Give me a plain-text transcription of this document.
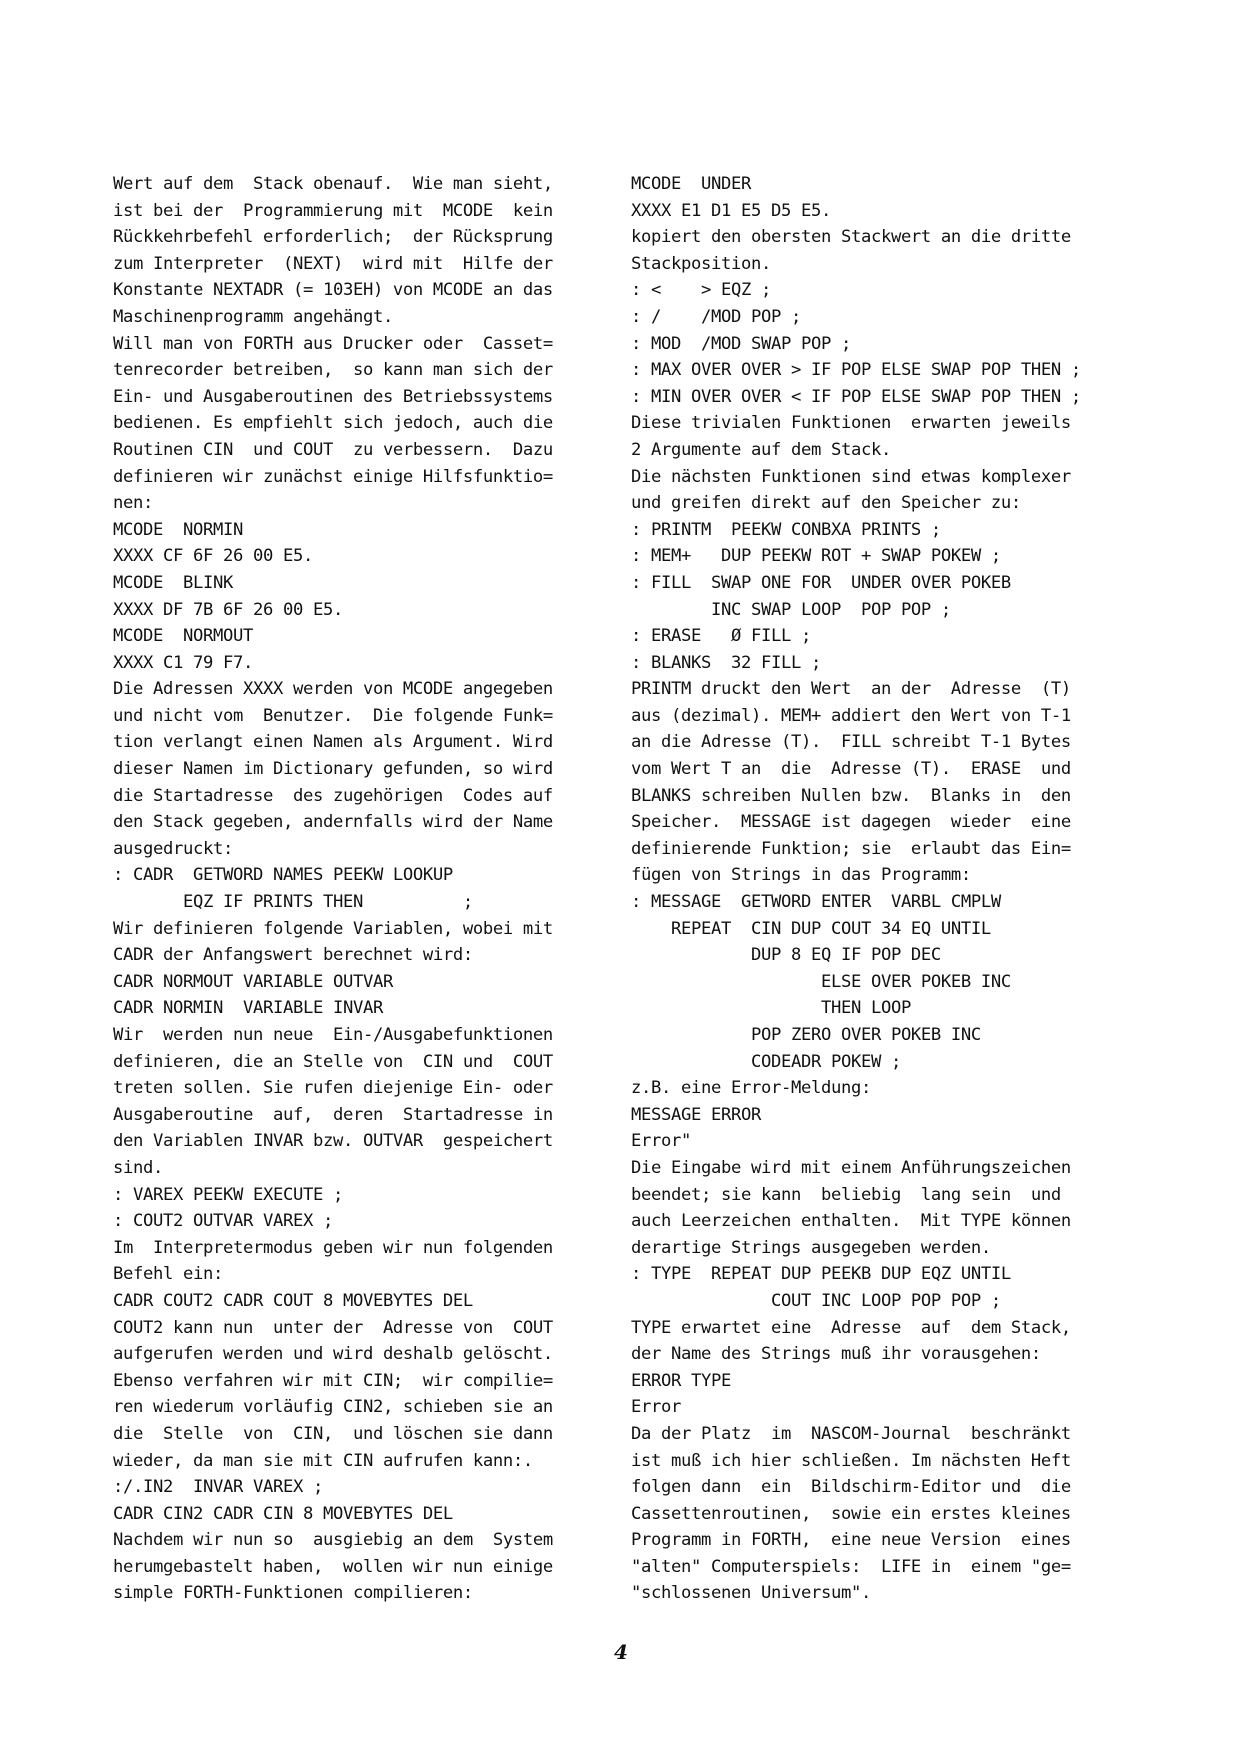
Wert auf dem  Stack obenauf.  Wie man sieht,
ist bei der  Programmierung mit  MCODE  kein
Rückkehrbefehl erforderlich;  der Rücksprung
zum Interpreter  (NEXT)  wird mit  Hilfe der
Konstante NEXTADR (= 103EH) von MCODE an das
Maschinenprogramm angehängt.
Will man von FORTH aus Drucker oder  Casset=
tenrecorder betreiben,  so kann man sich der
Ein- und Ausgaberoutinen des Betriebssystems
bedienen. Es empfiehlt sich jedoch, auch die
Routinen CIN  und COUT  zu verbessern.  Dazu
definieren wir zunächst einige Hilfsfunktio=
nen:
MCODE  NORMIN
XXXX CF 6F 26 00 E5.
MCODE  BLINK
XXXX DF 7B 6F 26 00 E5.
MCODE  NORMOUT
XXXX C1 79 F7.
Die Adressen XXXX werden von MCODE angegeben
und nicht vom  Benutzer.  Die folgende Funk=
tion verlangt einen Namen als Argument. Wird
dieser Namen im Dictionary gefunden, so wird
die Startadresse  des zugehörigen  Codes auf
den Stack gegeben, andernfalls wird der Name
ausgedruckt:
: CADR  GETWORD NAMES PEEKW LOOKUP
EQZ IF PRINTS THEN          ;
Wir definieren folgende Variablen, wobei mit
CADR der Anfangswert berechnet wird:
CADR NORMOUT VARIABLE OUTVAR
CADR NORMIN  VARIABLE INVAR
Wir  werden nun neue  Ein-/Ausgabefunktionen
definieren, die an Stelle von  CIN und  COUT
treten sollen. Sie rufen diejenige Ein- oder
Ausgaberoutine  auf,  deren  Startadresse in
den Variablen INVAR bzw. OUTVAR  gespeichert
sind.
: VAREX PEEKW EXECUTE ;
: COUT2 OUTVAR VAREX ;
Im  Interpretermodus geben wir nun folgenden
Befehl ein:
CADR COUT2 CADR COUT 8 MOVEBYTES DEL
COUT2 kann nun  unter der  Adresse von  COUT
aufgerufen werden und wird deshalb gelöscht.
Ebenso verfahren wir mit CIN;  wir compilie=
ren wiederum vorläufig CIN2, schieben sie an
die  Stelle  von  CIN,  und löschen sie dann
wieder, da man sie mit CIN aufrufen kann:.
:/.IN2  INVAR VAREX ;
CADR CIN2 CADR CIN 8 MOVEBYTES DEL
Nachdem wir nun so  ausgiebig an dem  System
herumgebastelt haben,  wollen wir nun einige
simple FORTH-Funktionen compilieren:
MCODE  UNDER
XXXX E1 D1 E5 D5 E5.
kopiert den obersten Stackwert an die dritte
Stackposition.
: <    > EQZ ;
: /    /MOD POP ;
: MOD  /MOD SWAP POP ;
: MAX OVER OVER > IF POP ELSE SWAP POP THEN ;
: MIN OVER OVER < IF POP ELSE SWAP POP THEN ;
Diese trivialen Funktionen  erwarten jeweils
2 Argumente auf dem Stack.
Die nächsten Funktionen sind etwas komplexer
und greifen direkt auf den Speicher zu:
: PRINTM  PEEKW CONBXA PRINTS ;
: MEM+   DUP PEEKW ROT + SWAP POKEW ;
: FILL  SWAP ONE FOR  UNDER OVER POKEB
INC SWAP LOOP  POP POP ;
: ERASE   Ø FILL ;
: BLANKS  32 FILL ;
PRINTM druckt den Wert  an der  Adresse  (T)
aus (dezimal). MEM+ addiert den Wert von T-1
an die Adresse (T).  FILL schreibt T-1 Bytes
vom Wert T an  die  Adresse (T).  ERASE  und
BLANKS schreiben Nullen bzw.  Blanks in  den
Speicher.  MESSAGE ist dagegen  wieder  eine
definierende Funktion; sie  erlaubt das Ein=
fügen von Strings in das Programm:
: MESSAGE  GETWORD ENTER  VARBL CMPLW
REPEAT  CIN DUP COUT 34 EQ UNTIL
DUP 8 EQ IF POP DEC
ELSE OVER POKEB INC
THEN LOOP
POP ZERO OVER POKEB INC
CODEADR POKEW ;
z.B. eine Error-Meldung:
MESSAGE ERROR
Error"
Die Eingabe wird mit einem Anführungszeichen
beendet; sie kann  beliebig  lang sein  und
auch Leerzeichen enthalten.  Mit TYPE können
derartige Strings ausgegeben werden.
: TYPE  REPEAT DUP PEEKB DUP EQZ UNTIL
COUT INC LOOP POP POP ;
TYPE erwartet eine  Adresse  auf  dem Stack,
der Name des Strings muß ihr vorausgehen:
ERROR TYPE
Error
Da der Platz  im  NASCOM-Journal  beschränkt
ist muß ich hier schließen. Im nächsten Heft
folgen dann  ein  Bildschirm-Editor und  die
Cassettenroutinen,  sowie ein erstes kleines
Programm in FORTH,  eine neue Version  eines
"alten" Computerspiels:  LIFE in  einem "ge=
"schlossenen Universum".
4
